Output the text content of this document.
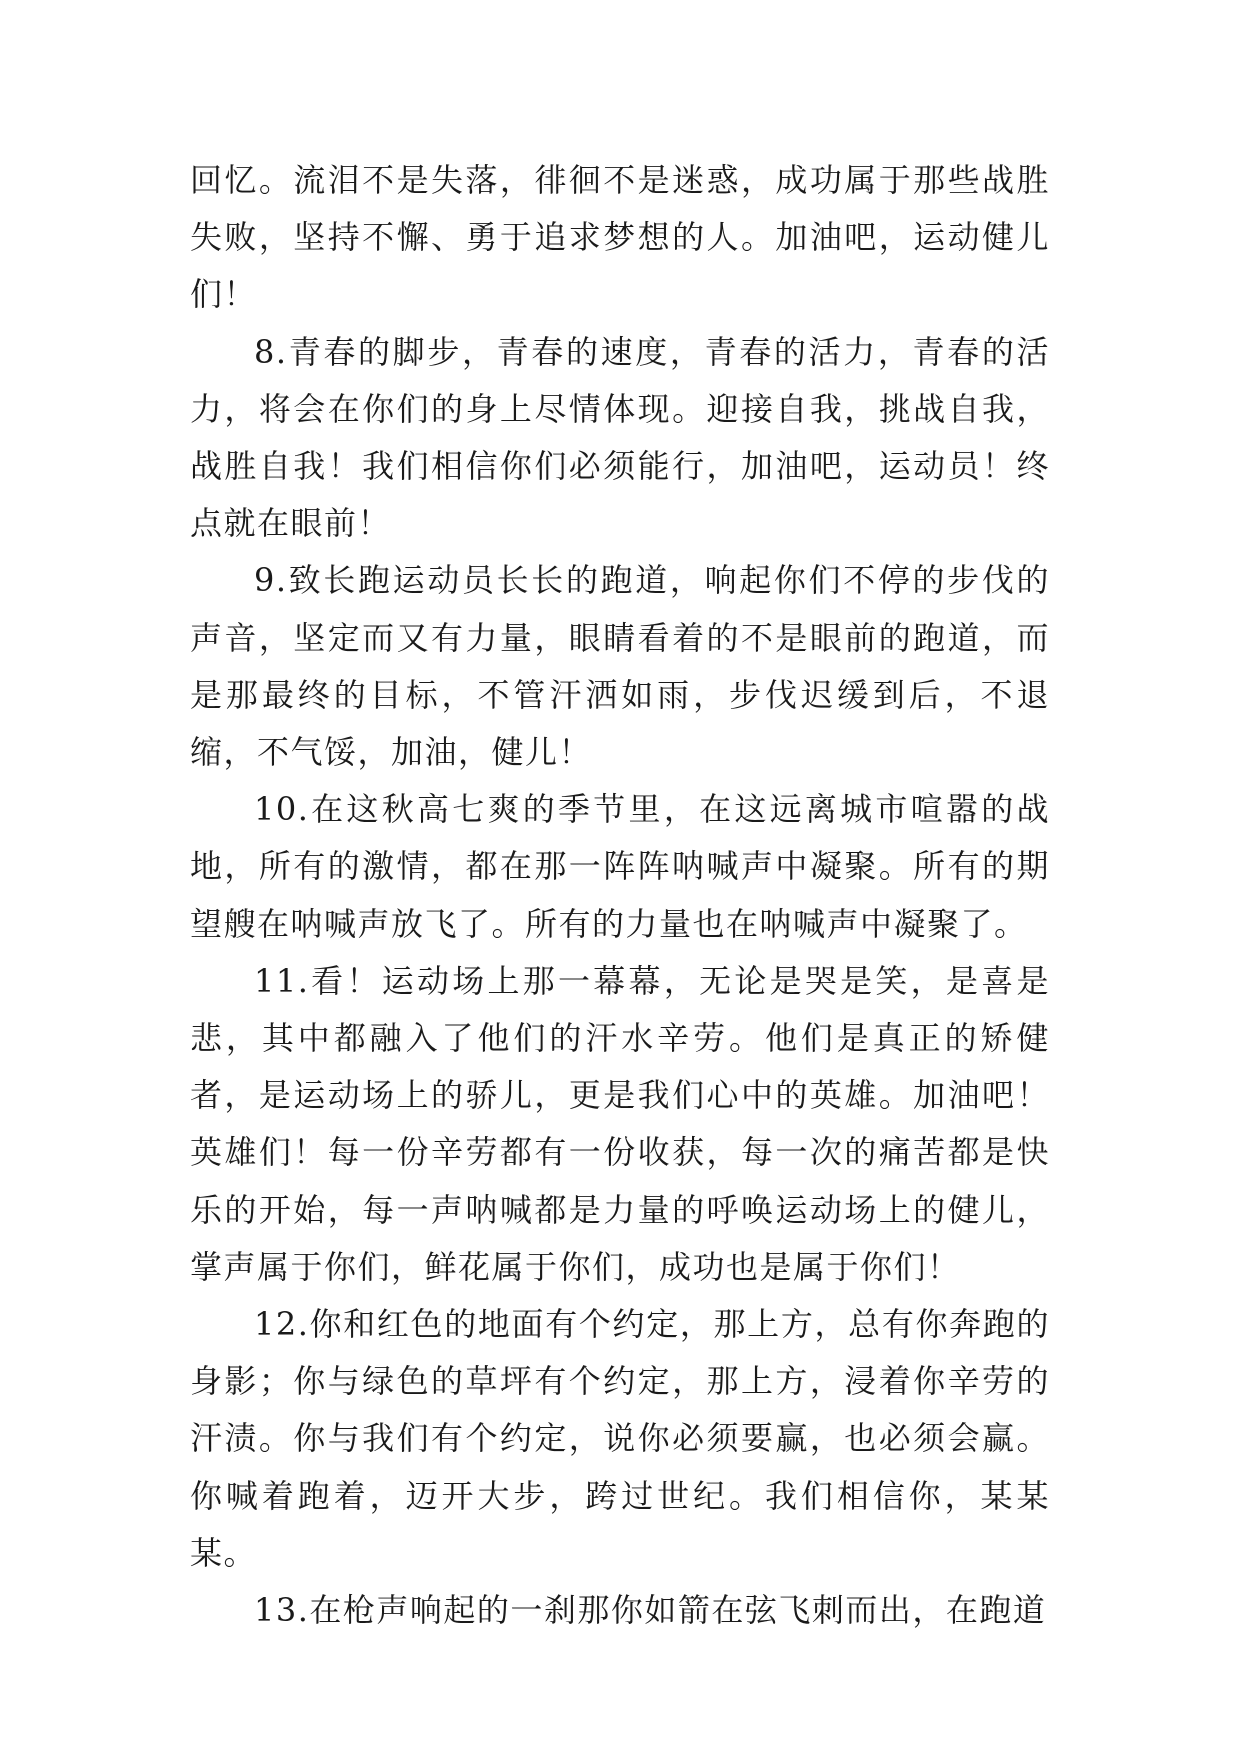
回忆。流泪不是失落，徘徊不是迷惑，成功属于那些战胜失败，坚持不懈、勇于追求梦想的人。加油吧，运动健儿们！

8.青春的脚步，青春的速度，青春的活力，青春的活力，将会在你们的身上尽情体现。迎接自我，挑战自我，战胜自我！我们相信你们必须能行，加油吧，运动员！终点就在眼前！

9.致长跑运动员长长的跑道，响起你们不停的步伐的声音，坚定而又有力量，眼睛看着的不是眼前的跑道，而是那最终的目标，不管汗洒如雨，步伐迟缓到后，不退缩，不气馁，加油，健儿！

10.在这秋高七爽的季节里，在这远离城市喧嚣的战地，所有的激情，都在那一阵阵呐喊声中凝聚。所有的期望艘在呐喊声放飞了。所有的力量也在呐喊声中凝聚了。

11.看！运动场上那一幕幕，无论是哭是笑，是喜是悲，其中都融入了他们的汗水辛劳。他们是真正的矫健者，是运动场上的骄儿，更是我们心中的英雄。加油吧！英雄们！每一份辛劳都有一份收获，每一次的痛苦都是快乐的开始，每一声呐喊都是力量的呼唤运动场上的健儿，掌声属于你们，鲜花属于你们，成功也是属于你们！

12.你和红色的地面有个约定，那上方，总有你奔跑的身影；你与绿色的草坪有个约定，那上方，浸着你辛劳的汗渍。你与我们有个约定，说你必须要赢，也必须会赢。你喊着跑着，迈开大步，跨过世纪。我们相信你，某某某。

13.在枪声响起的一刹那你如箭在弦飞刺而出，在跑道
